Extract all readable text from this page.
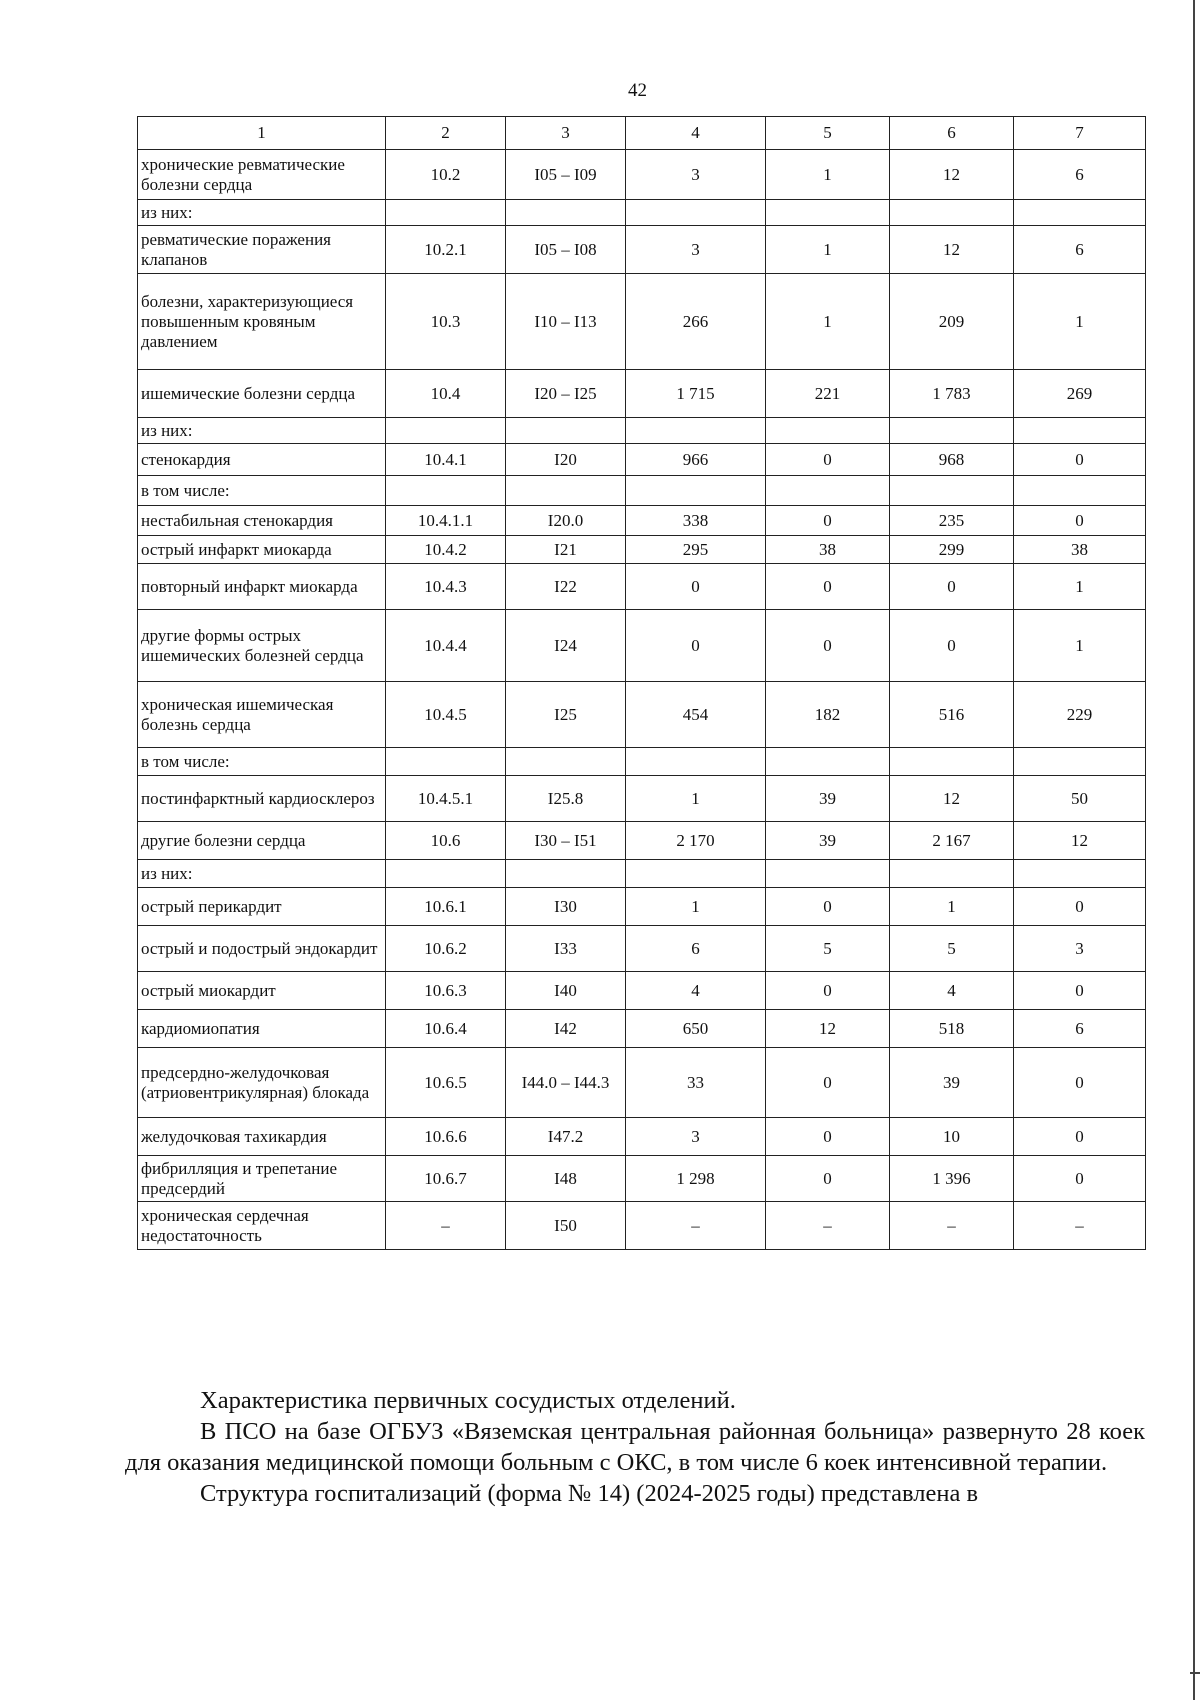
42
1	2	3	4	5	6	7
хронические ревматические болезни сердца	10.2	I05 – I09	3	1	12	6
из них:						
ревматические поражения клапанов	10.2.1	I05 – I08	3	1	12	6
болезни, характеризующиеся повышенным кровяным давлением	10.3	I10 – I13	266	1	209	1
ишемические болезни сердца	10.4	I20 – I25	1 715	221	1 783	269
из них:						
стенокардия	10.4.1	I20	966	0	968	0
в том числе:						
нестабильная стенокардия	10.4.1.1	I20.0	338	0	235	0
острый инфаркт миокарда	10.4.2	I21	295	38	299	38
повторный инфаркт миокарда	10.4.3	I22	0	0	0	1
другие формы острых ишемических болезней сердца	10.4.4	I24	0	0	0	1
хроническая ишемическая болезнь сердца	10.4.5	I25	454	182	516	229
в том числе:						
постинфарктный кардиосклероз	10.4.5.1	I25.8	1	39	12	50
другие болезни сердца	10.6	I30 – I51	2 170	39	2 167	12
из них:						
острый перикардит	10.6.1	I30	1	0	1	0
острый и подострый эндокардит	10.6.2	I33	6	5	5	3
острый миокардит	10.6.3	I40	4	0	4	0
кардиомиопатия	10.6.4	I42	650	12	518	6
предсердно-желудочковая (атриовентрикулярная) блокада	10.6.5	I44.0 – I44.3	33	0	39	0
желудочковая тахикардия	10.6.6	I47.2	3	0	10	0
фибрилляция и трепетание предсердий	10.6.7	I48	1 298	0	1 396	0
хроническая сердечная недостаточность	–	I50	–	–	–	–

Характеристика первичных сосудистых отделений.

В ПСО на базе ОГБУЗ «Вяземская центральная районная больница» развернуто 28 коек для оказания медицинской помощи больным с ОКС, в том числе 6 коек интенсивной терапии.

Структура госпитализаций (форма № 14) (2024-2025 годы) представлена в
